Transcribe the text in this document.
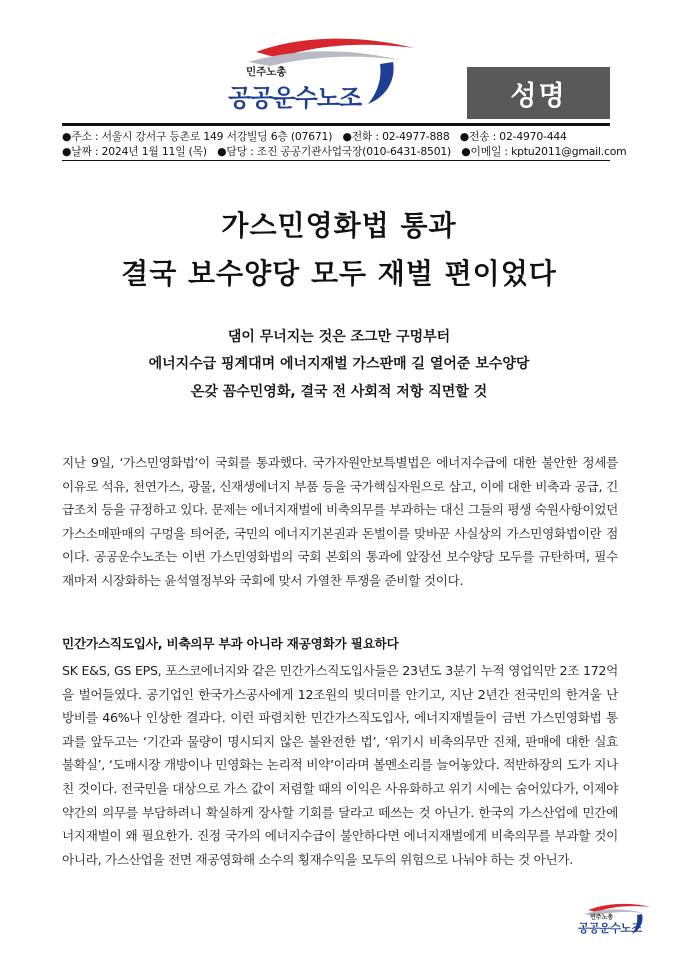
민주노총
공공운수노조	성명
●주소 : 서울시 강서구 등촌로 149 서강빌딩 6층 (07671) ●전화 : 02-4977-888 ●전송 : 02-4970-444
●날짜 : 2024년 1월 11일 (목) ●담당 : 조진 공공기관사업국장(010-6431-8501) ●이메일 : kptu2011@gmail.com
가스민영화법 통과
결국 보수양당 모두 재벌 편이었다
댐이 무너지는 것은 조그만 구멍부터
에너지수급 핑계대며 에너지재벌 가스판매 길 열어준 보수양당
온갖 꼼수민영화, 결국 전 사회적 저항 직면할 것

지난 9일, ‘가스민영화법’이 국회를 통과했다. 국가자원안보특별법은 에너지수급에 대한 불안한 정세를 이유로 석유, 천연가스, 광물, 신재생에너지 부품 등을 국가핵심자원으로 삼고, 이에 대한 비축과 공급, 긴급조치 등을 규정하고 있다. 문제는 에너지재벌에 비축의무를 부과하는 대신 그들의 평생 숙원사항이었던 가스소매판매의 구멍을 틔어준, 국민의 에너지기본권과 돈벌이를 맞바꾼 사실상의 가스민영화법이란 점이다. 공공운수노조는 이번 가스민영화법의 국회 본회의 통과에 앞장선 보수양당 모두를 규탄하며, 필수재마저 시장화하는 윤석열정부와 국회에 맞서 가열찬 투쟁을 준비할 것이다.

민간가스직도입사, 비축의무 부과 아니라 재공영화가 필요하다

SK E&S, GS EPS, 포스코에너지와 같은 민간가스직도입사들은 23년도 3분기 누적 영업익만 2조 172억을 벌어들였다. 공기업인 한국가스공사에게 12조원의 빚더미를 안기고, 지난 2년간 전국민의 한겨울 난방비를 46%나 인상한 결과다. 이런 파렴치한 민간가스직도입사, 에너지재벌들이 금번 가스민영화법 통과를 앞두고는 ‘기간과 물량이 명시되지 않은 불완전한 법’, ‘위기시 비축의무만 진채, 판매에 대한 실효 불확실’, ‘도매시장 개방이나 민영화는 논리적 비약’이라며 볼멘소리를 늘어놓았다. 적반하장의 도가 지나친 것이다. 전국민을 대상으로 가스 값이 저렴할 때의 이익은 사유화하고 위기 시에는 숨어있다가, 이제야 약간의 의무를 부담하려니 확실하게 장사할 기회를 달라고 떼쓰는 것 아닌가. 한국의 가스산업에 민간에너지재벌이 왜 필요한가. 진정 국가의 에너지수급이 불안하다면 에너지재벌에게 비축의무를 부과할 것이 아니라, 가스산업을 전면 재공영화해 소수의 횡재수익을 모두의 위험으로 나눠야 하는 것 아닌가.

민주노총
공공운수노조
